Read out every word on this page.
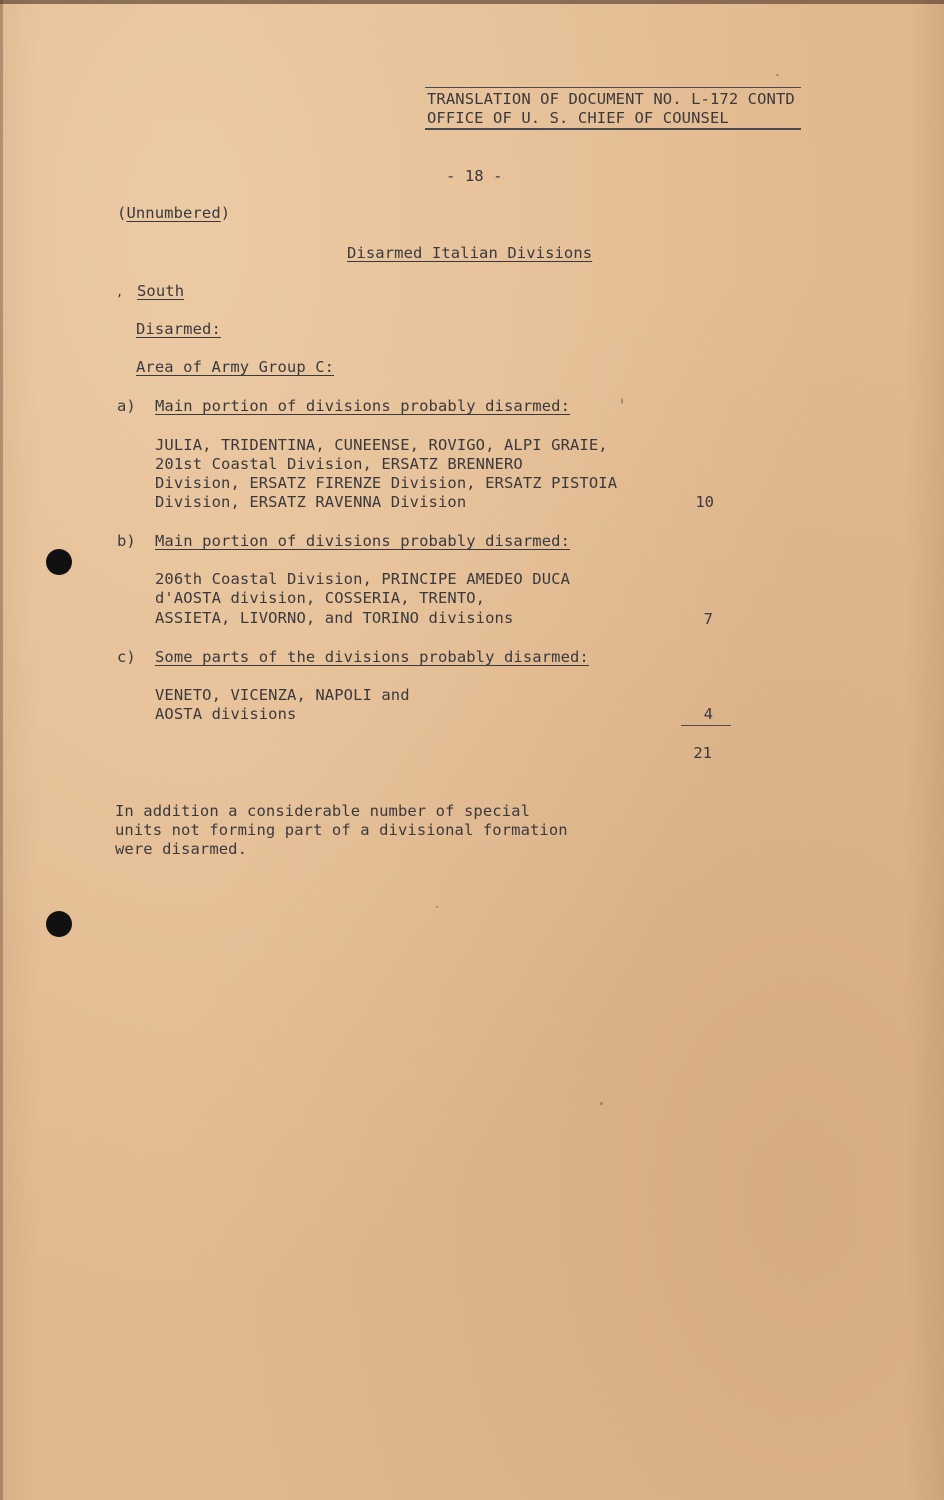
TRANSLATION OF DOCUMENT NO. L-172 CONTD
OFFICE OF U. S. CHIEF OF COUNSEL
- 18 -
(Unnumbered)
Disarmed Italian Divisions
, South
Disarmed:
Area of Army Group C:
a) Main portion of divisions probably disarmed:
JULIA, TRIDENTINA, CUNEENSE, ROVIGO, ALPI GRAIE,
201st Coastal Division, ERSATZ BRENNERO
Division, ERSATZ FIRENZE Division, ERSATZ PISTOIA
Division, ERSATZ RAVENNA Division	10
b) Main portion of divisions probably disarmed:
206th Coastal Division, PRINCIPE AMEDEO DUCA
d'AOSTA division, COSSERIA, TRENTO,
ASSIETA, LIVORNO, and TORINO divisions	7
c) Some parts of the divisions probably disarmed:
VENETO, VICENZA, NAPOLI and
AOSTA divisions	4
21
In addition a considerable number of special
units not forming part of a divisional formation
were disarmed.
